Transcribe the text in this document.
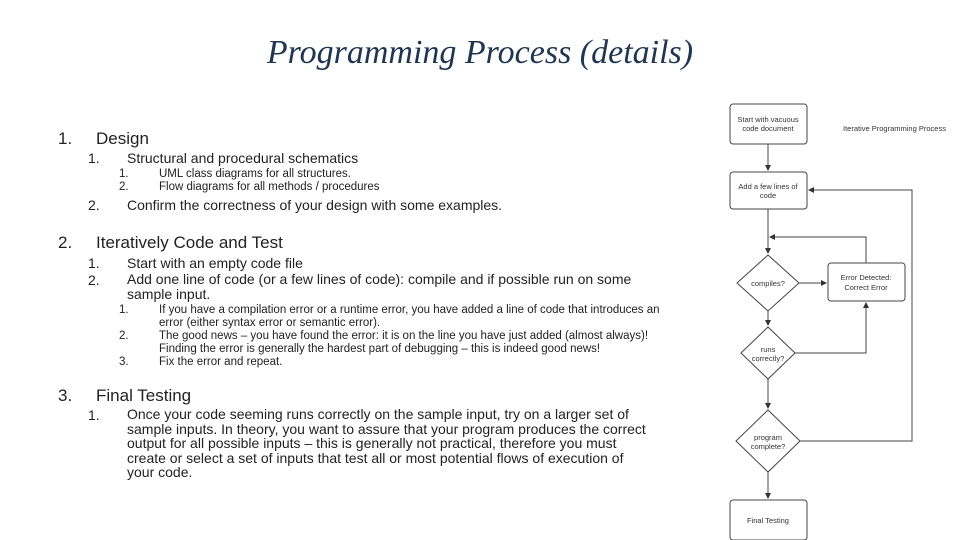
Programming Process (details)
1. Design
1. Structural and procedural schematics
1.	UML class diagrams for all structures.
2.	Flow diagrams for all methods / procedures
2. Confirm the correctness of your design with some examples.
2. Iteratively Code and Test
1. Start with an empty code file
2. Add one line of code (or a few lines of code): compile and if possible run on some
sample input.
1.	If you have a compilation error or a runtime error, you have added a line of code that introduces an
error (either syntax error or semantic error).
2.	The good news – you have found the error: it is on the line you have just added (almost always)!
Finding the error is generally the hardest part of debugging – this is indeed good news!
3.	Fix the error and repeat.
3. Final Testing
1. Once your code seeming runs correctly on the sample input, try on a larger set of
sample inputs. In theory, you want to assure that your program produces the correct
output for all possible inputs – this is generally not practical, therefore you must
create or select a set of inputs that test all or most potential flows of execution of
your code.
Start with vacuous
code document	Iterative Programming Process
Add a few lines of
code
compiles?
Error Detected:
Correct Error
runs
correctly?
program
complete?
Final Testing
